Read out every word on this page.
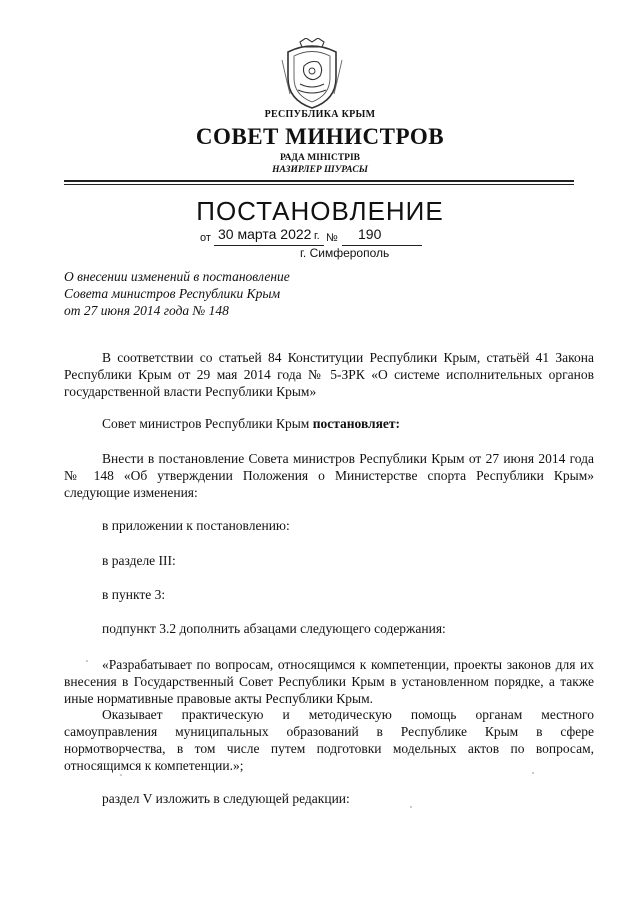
РЕСПУБЛИКА КРЫМ
СОВЕТ МИНИСТРОВ
РАДА МІНІСТРІВ
НАЗИРЛЕР ШУРАСЫ
ПОСТАНОВЛЕНИЕ
от 30 марта 2022 г. № 190
г. Симферополь
О внесении изменений в постановление
Совета министров Республики Крым
от 27 июня 2014 года № 148
В соответствии со статьей 84 Конституции Республики Крым, статьёй 41 Закона Республики Крым от 29 мая 2014 года № 5-ЗРК «О системе исполнительных органов государственной власти Республики Крым»
Совет министров Республики Крым постановляет:
Внести в постановление Совета министров Республики Крым от 27 июня 2014 года № 148 «Об утверждении Положения о Министерстве спорта Республики Крым» следующие изменения:
в приложении к постановлению:
в разделе III:
в пункте 3:
подпункт 3.2 дополнить абзацами следующего содержания:
«Разрабатывает по вопросам, относящимся к компетенции, проекты законов для их внесения в Государственный Совет Республики Крым в установленном порядке, а также иные нормативные правовые акты Республики Крым.
Оказывает практическую и методическую помощь органам местного самоуправления муниципальных образований в Республике Крым в сфере нормотворчества, в том числе путем подготовки модельных актов по вопросам, относящимся к компетенции.»;
раздел V изложить в следующей редакции:
